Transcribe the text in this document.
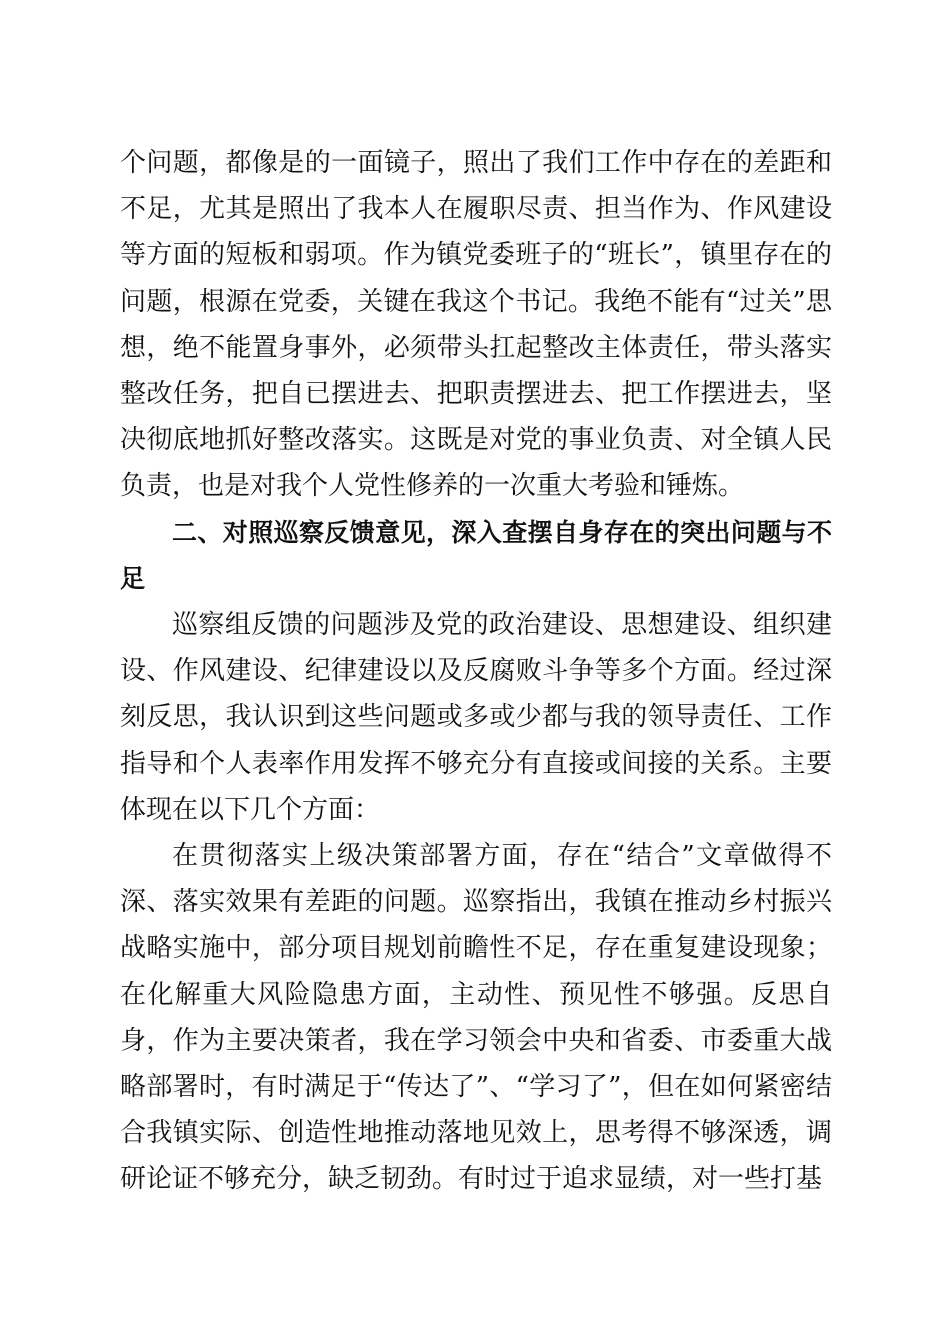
个问题，都像是的一面镜子，照出了我们工作中存在的差距和不足，尤其是照出了我本人在履职尽责、担当作为、作风建设等方面的短板和弱项。作为镇党委班子的“班长”，镇里存在的问题，根源在党委，关键在我这个书记。我绝不能有“过关”思想，绝不能置身事外，必须带头扛起整改主体责任，带头落实整改任务，把自已摆进去、把职责摆进去、把工作摆进去，坚决彻底地抓好整改落实。这既是对党的事业负责、对全镇人民负责，也是对我个人党性修养的一次重大考验和锤炼。

二、对照巡察反馈意见，深入查摆自身存在的突出问题与不足

巡察组反馈的问题涉及党的政治建设、思想建设、组织建设、作风建设、纪律建设以及反腐败斗争等多个方面。经过深刻反思，我认识到这些问题或多或少都与我的领导责任、工作指导和个人表率作用发挥不够充分有直接或间接的关系。主要体现在以下几个方面：

在贯彻落实上级决策部署方面，存在“结合”文章做得不深、落实效果有差距的问题。巡察指出，我镇在推动乡村振兴战略实施中，部分项目规划前瞻性不足，存在重复建设现象；在化解重大风险隐患方面，主动性、预见性不够强。反思自身，作为主要决策者，我在学习领会中央和省委、市委重大战略部署时，有时满足于“传达了”、“学习了”，但在如何紧密结合我镇实际、创造性地推动落地见效上，思考得不够深透，调研论证不够充分，缺乏韧劲。有时过于追求显绩，对一些打基
